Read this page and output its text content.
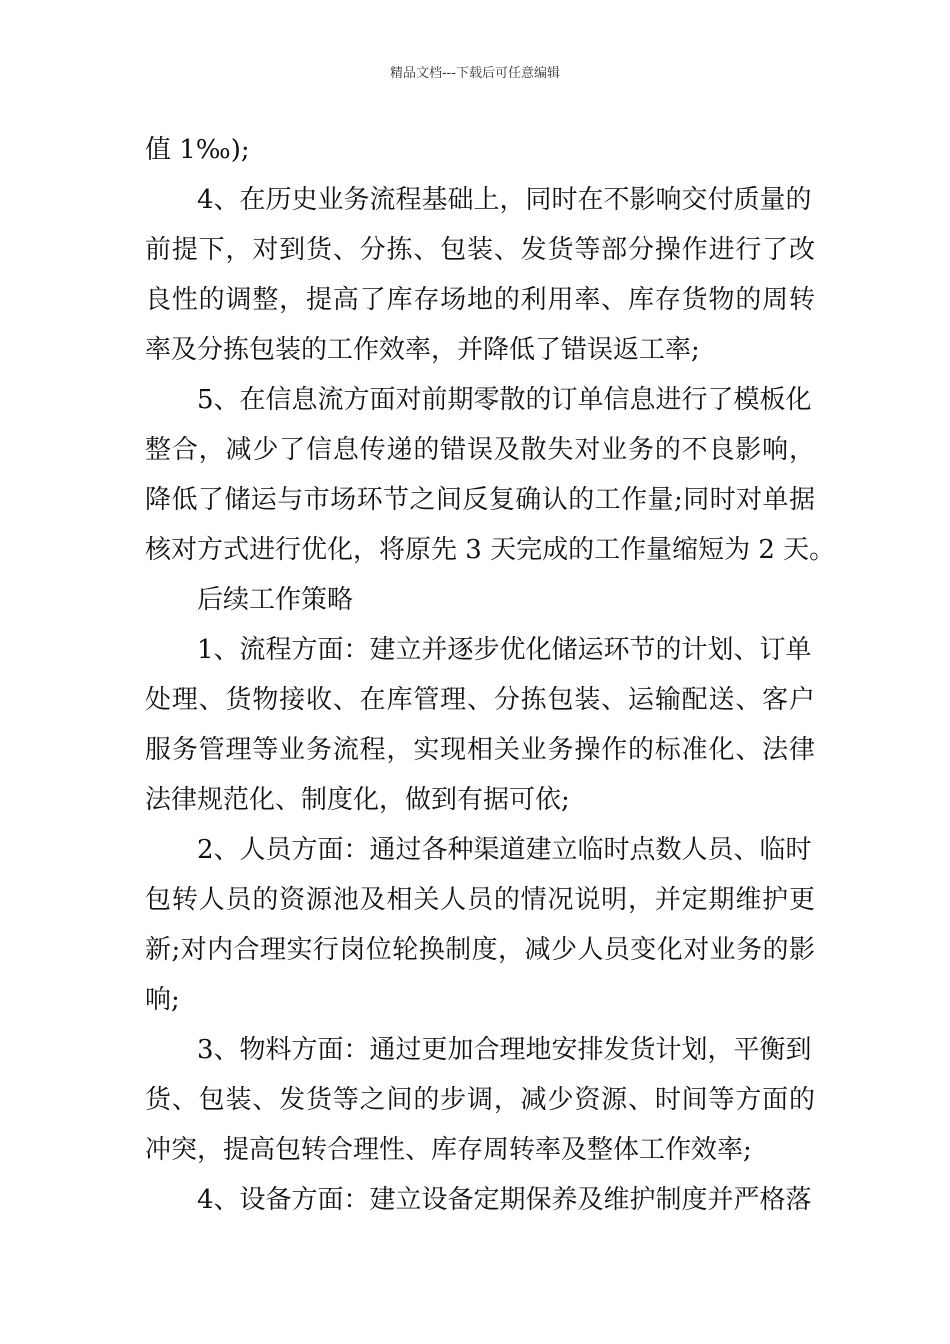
精品文档---下载后可任意编辑
值 1‰);
4、在历史业务流程基础上，同时在不影响交付质量的
前提下，对到货、分拣、包装、发货等部分操作进行了改
良性的调整，提高了库存场地的利用率、库存货物的周转
率及分拣包装的工作效率，并降低了错误返工率;
5、在信息流方面对前期零散的订单信息进行了模板化
整合，减少了信息传递的错误及散失对业务的不良影响，
降低了储运与市场环节之间反复确认的工作量;同时对单据
核对方式进行优化，将原先 3 天完成的工作量缩短为 2 天。
后续工作策略
1、流程方面：建立并逐步优化储运环节的计划、订单
处理、货物接收、在库管理、分拣包装、运输配送、客户
服务管理等业务流程，实现相关业务操作的标准化、法律
法律规范化、制度化，做到有据可依;
2、人员方面：通过各种渠道建立临时点数人员、临时
包转人员的资源池及相关人员的情况说明，并定期维护更
新;对内合理实行岗位轮换制度，减少人员变化对业务的影
响;
3、物料方面：通过更加合理地安排发货计划，平衡到
货、包装、发货等之间的步调，减少资源、时间等方面的
冲突，提高包转合理性、库存周转率及整体工作效率;
4、设备方面：建立设备定期保养及维护制度并严格落
